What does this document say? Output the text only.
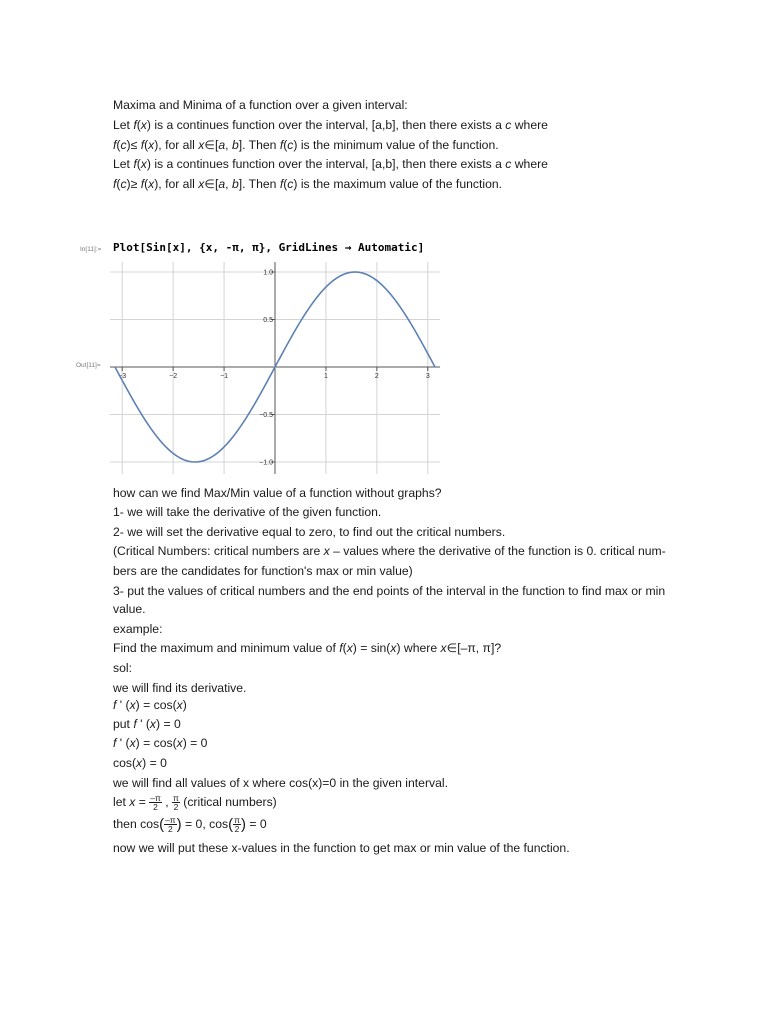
Maxima and Minima of a function over a given interval:
Let f(x) is a continues function over the interval, [a,b], then there exists a c where
f(c)≤ f(x), for all x∈[a, b]. Then f(c) is the minimum value of the function.
Let f(x) is a continues function over the interval, [a,b], then there exists a c where
f(c)≥ f(x), for all x∈[a, b]. Then f(c) is the maximum value of the function.
In[11]:= Plot[Sin[x], {x, -π, π}, GridLines → Automatic]
Out[11]=
−3	−2	−1	1	2	3
1.0
0.5
−0.5
−1.0
how can we find Max/Min value of a function without graphs?
1- we will take the derivative of the given function.
2- we will set the derivative equal to zero, to find out the critical numbers.
(Critical Numbers: critical numbers are x – values where the derivative of the function is 0. critical num-
bers are the candidates for function's max or min value)
3- put the values of critical numbers and the end points of the interval in the function to find max or min
value.
example:
Find the maximum and minimum value of f(x) = sin(x) where x∈[–π, π]?
sol:
we will find its derivative.
f ' (x) = cos(x)
put f ' (x) = 0
f ' (x) = cos(x) = 0
cos(x) = 0
we will find all values of x where cos(x)=0 in the given interval.
let $x = \frac{-\pi}{2}$ , $\frac{\pi}{2}$ (critical numbers)
then $\cos( \frac{-\pi}{2}$ ) = 0, $\cos( \frac{\pi}{2}$ ) = 0
now we will put these x-values in the function to get max or min value of the function.
